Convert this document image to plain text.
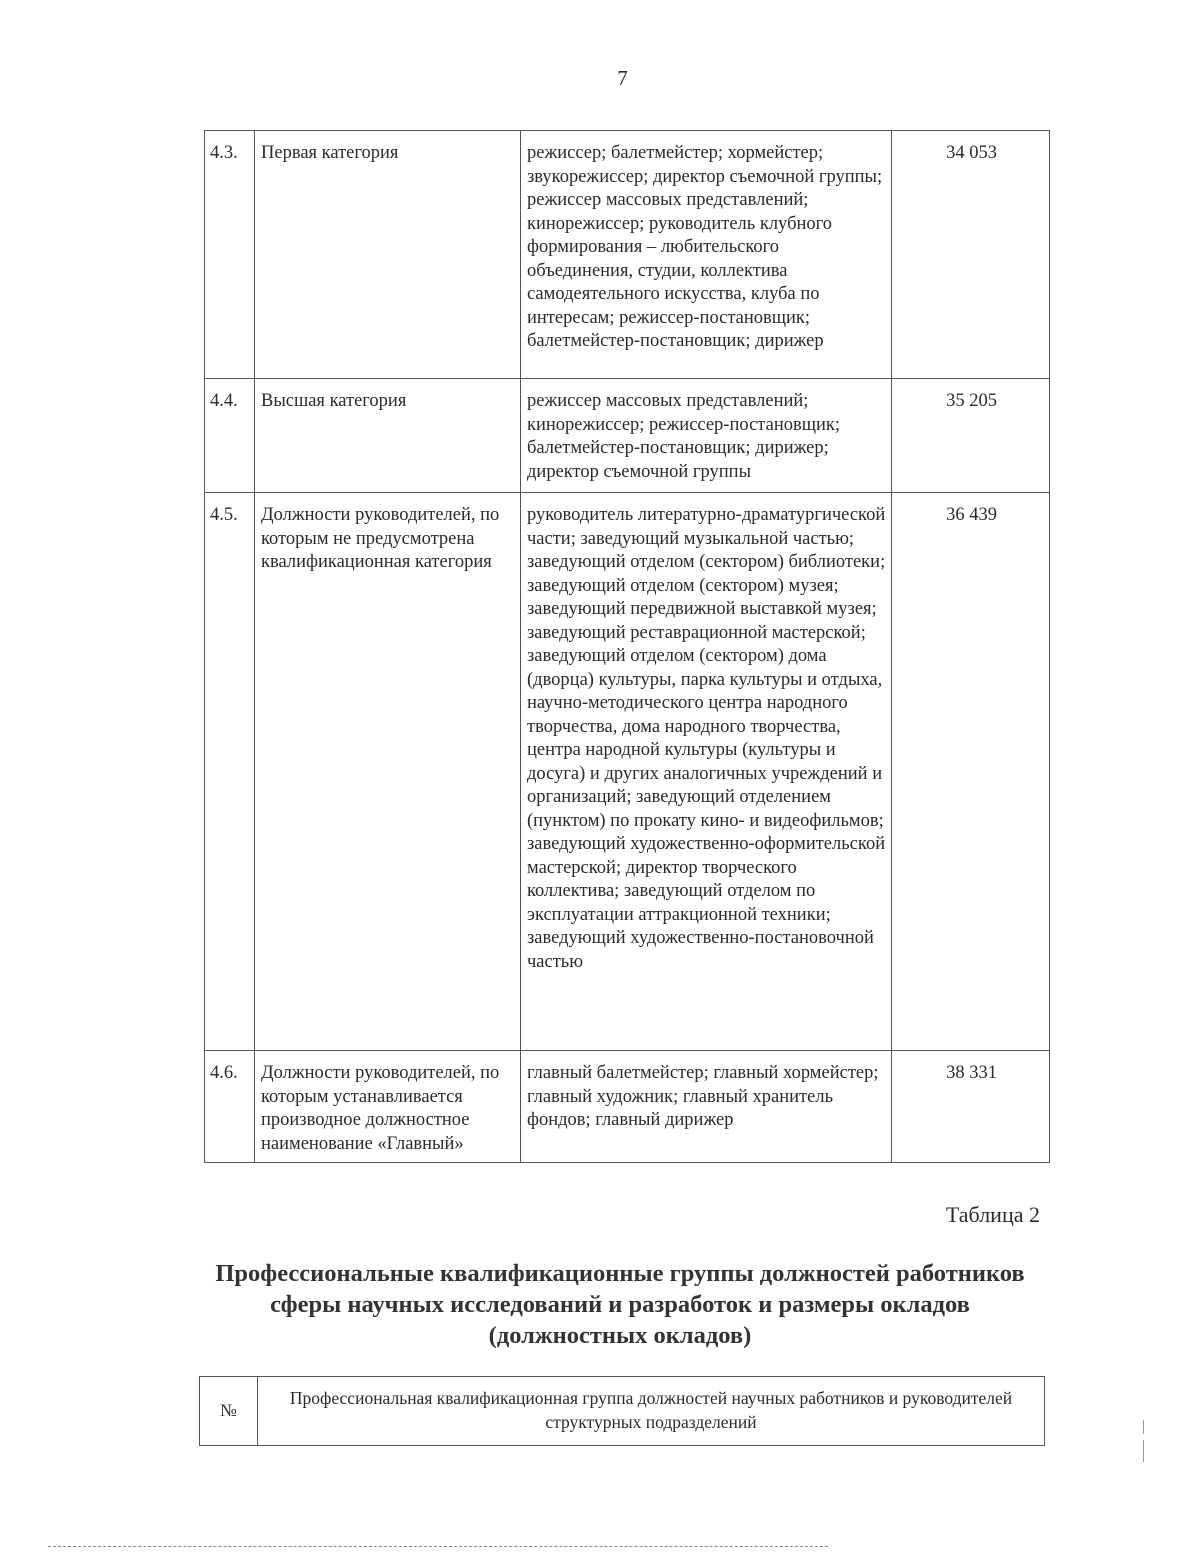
7
4.3.	Первая категория	режиссер; балетмейстер; хормейстер; звукорежиссер; директор съемочной группы; режиссер массовых представлений; кинорежиссер; руководитель клубного формирования – любительского объединения, студии, коллектива самодеятельного искусства, клуба по интересам; режиссер-постановщик; балетмейстер-постановщик; дирижер	34 053
4.4.	Высшая категория	режиссер массовых представлений; кинорежиссер; режиссер-постановщик; балетмейстер-постановщик; дирижер; директор съемочной группы	35 205
4.5.	Должности руководителей, по которым не предусмотрена квалификационная категория	руководитель литературно-драматургической части; заведующий музыкальной частью; заведующий отделом (сектором) библиотеки; заведующий отделом (сектором) музея; заведующий передвижной выставкой музея; заведующий реставрационной мастерской; заведующий отделом (сектором) дома (дворца) культуры, парка культуры и отдыха, научно-методического центра народного творчества, дома народного творчества, центра народной культуры (культуры и досуга) и других аналогичных учреждений и организаций; заведующий отделением (пунктом) по прокату кино- и видеофильмов; заведующий художественно-оформительской мастерской; директор творческого коллектива; заведующий отделом по эксплуатации аттракционной техники; заведующий художественно-постановочной частью	36 439
4.6.	Должности руководителей, по которым устанавливается производное должностное наименование «Главный»	главный балетмейстер; главный хормейстер; главный художник; главный хранитель фондов; главный дирижер	38 331
Таблица 2
Профессиональные квалификационные группы должностей работников сферы научных исследований и разработок и размеры окладов (должностных окладов)
№	Профессиональная квалификационная группа должностей научных работников и руководителей структурных подразделений
